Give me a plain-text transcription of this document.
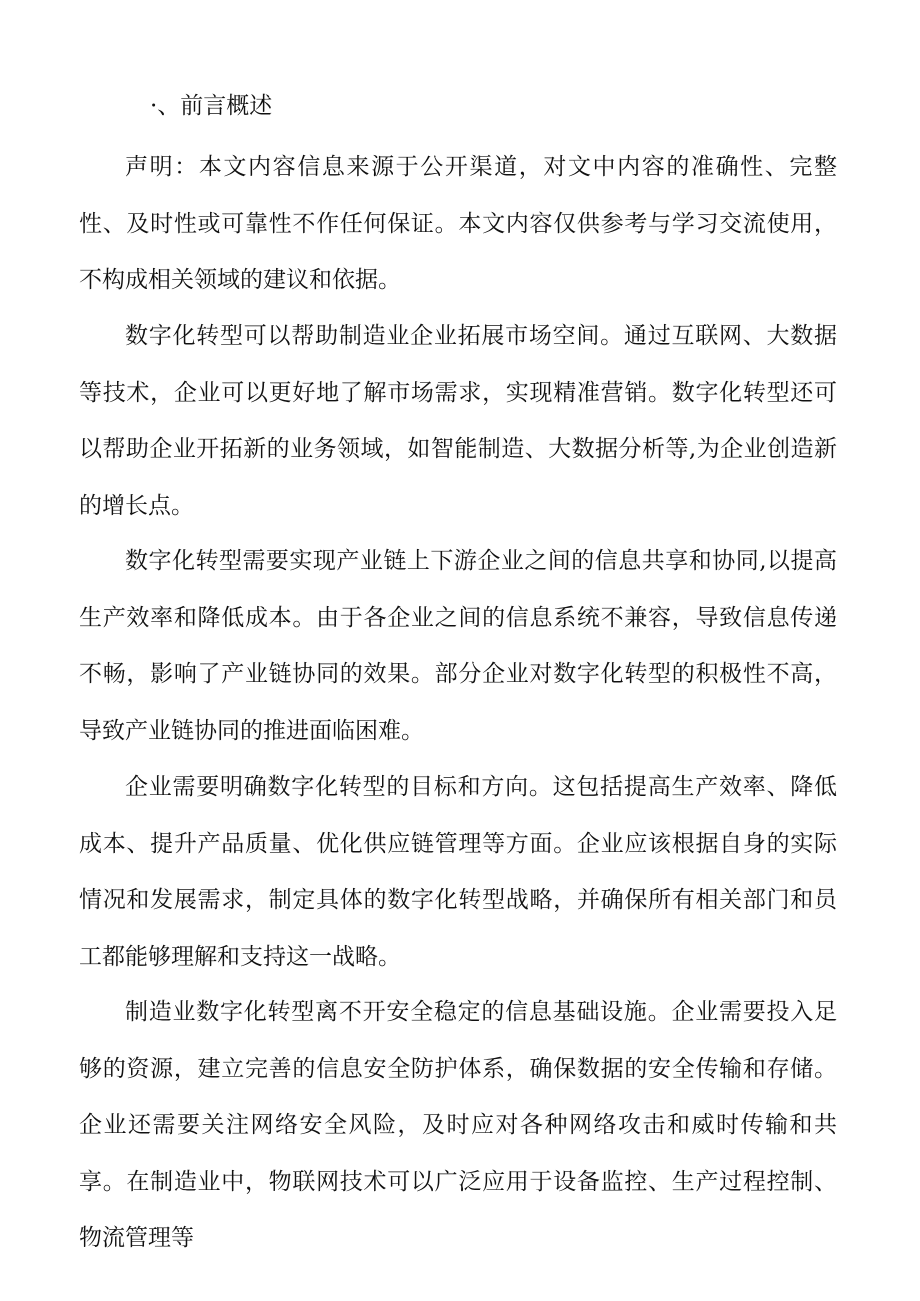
·、前言概述

声明：本文内容信息来源于公开渠道，对文中内容的准确性、完整性、及时性或可靠性不作任何保证。本文内容仅供参考与学习交流使用，不构成相关领域的建议和依据。

数字化转型可以帮助制造业企业拓展市场空间。通过互联网、大数据等技术，企业可以更好地了解市场需求，实现精准营销。数字化转型还可以帮助企业开拓新的业务领域，如智能制造、大数据分析等,为企业创造新的增长点。

数字化转型需要实现产业链上下游企业之间的信息共享和协同,以提高生产效率和降低成本。由于各企业之间的信息系统不兼容，导致信息传递不畅，影响了产业链协同的效果。部分企业对数字化转型的积极性不高，导致产业链协同的推进面临困难。

企业需要明确数字化转型的目标和方向。这包括提高生产效率、降低成本、提升产品质量、优化供应链管理等方面。企业应该根据自身的实际情况和发展需求，制定具体的数字化转型战略，并确保所有相关部门和员工都能够理解和支持这一战略。

制造业数字化转型离不开安全稳定的信息基础设施。企业需要投入足够的资源，建立完善的信息安全防护体系，确保数据的安全传输和存储。企业还需要关注网络安全风险，及时应对各种网络攻击和威时传输和共享。在制造业中，物联网技术可以广泛应用于设备监控、生产过程控制、物流管理等
